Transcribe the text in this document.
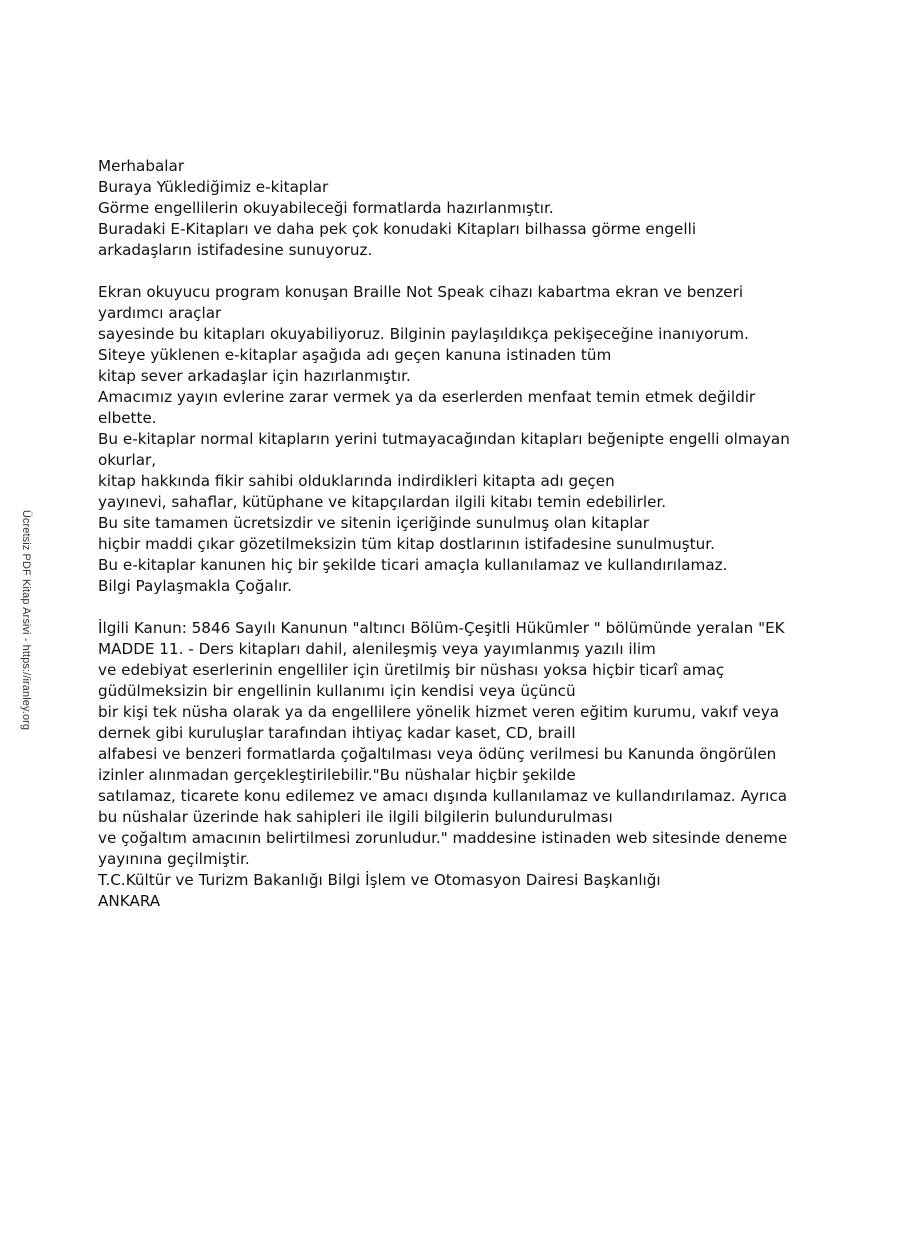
Ücretsiz PDF Kitap Arsivi - https://iranley.org
Merhabalar
Buraya Yüklediğimiz e-kitaplar
Görme engellilerin okuyabileceği formatlarda hazırlanmıştır.
Buradaki E-Kitapları ve daha pek çok konudaki Kitapları bilhassa görme engelli
arkadaşların istifadesine sunuyoruz.
Ekran okuyucu program konuşan Braille Not Speak cihazı kabartma ekran ve benzeri
yardımcı araçlar
sayesinde bu kitapları okuyabiliyoruz. Bilginin paylaşıldıkça pekişeceğine inanıyorum.
Siteye yüklenen e-kitaplar aşağıda adı geçen kanuna istinaden tüm
kitap sever arkadaşlar için hazırlanmıştır.
Amacımız yayın evlerine zarar vermek ya da eserlerden menfaat temin etmek değildir
elbette.
Bu e-kitaplar normal kitapların yerini tutmayacağından kitapları beğenipte engelli olmayan
okurlar,
kitap hakkında fikir sahibi olduklarında indirdikleri kitapta adı geçen
yayınevi, sahaflar, kütüphane ve kitapçılardan ilgili kitabı temin edebilirler.
Bu site tamamen ücretsizdir ve sitenin içeriğinde sunulmuş olan kitaplar
hiçbir maddi çıkar gözetilmeksizin tüm kitap dostlarının istifadesine sunulmuştur.
Bu e-kitaplar kanunen hiç bir şekilde ticari amaçla kullanılamaz ve kullandırılamaz.
Bilgi Paylaşmakla Çoğalır.
İlgili Kanun: 5846 Sayılı Kanunun "altıncı Bölüm-Çeşitli Hükümler " bölümünde yeralan "EK
MADDE 11. - Ders kitapları dahil, alenileşmiş veya yayımlanmış yazılı ilim
ve edebiyat eserlerinin engelliler için üretilmiş bir nüshası yoksa hiçbir ticarî amaç
güdülmeksizin bir engellinin kullanımı için kendisi veya üçüncü
bir kişi tek nüsha olarak ya da engellilere yönelik hizmet veren eğitim kurumu, vakıf veya
dernek gibi kuruluşlar tarafından ihtiyaç kadar kaset, CD, braill
alfabesi ve benzeri formatlarda çoğaltılması veya ödünç verilmesi bu Kanunda öngörülen
izinler alınmadan gerçekleştirilebilir."Bu nüshalar hiçbir şekilde
satılamaz, ticarete konu edilemez ve amacı dışında kullanılamaz ve kullandırılamaz. Ayrıca
bu nüshalar üzerinde hak sahipleri ile ilgili bilgilerin bulundurulması
ve çoğaltım amacının belirtilmesi zorunludur." maddesine istinaden web sitesinde deneme
yayınına geçilmiştir.
T.C.Kültür ve Turizm Bakanlığı Bilgi İşlem ve Otomasyon Dairesi Başkanlığı
ANKARA
